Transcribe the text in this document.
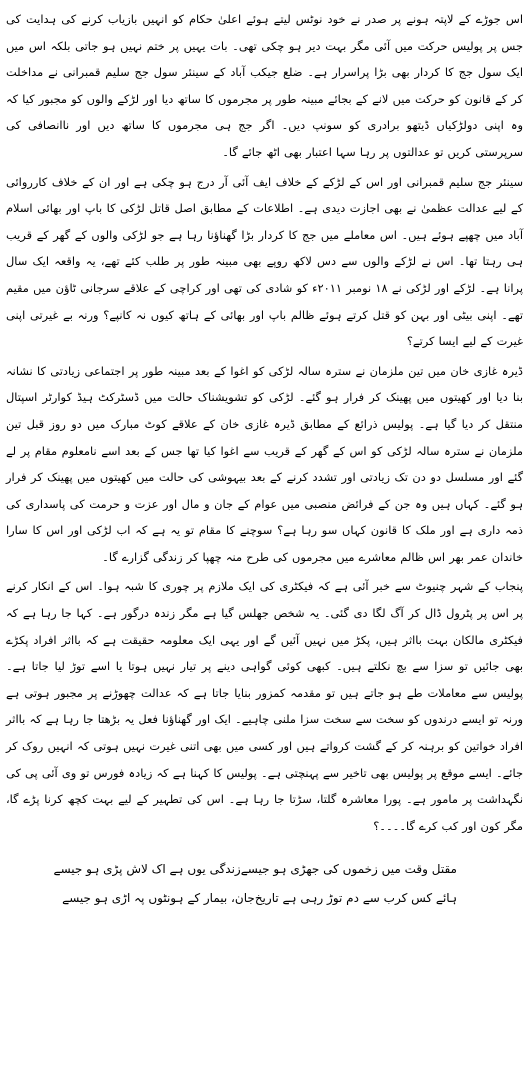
اس جوڑے کے لاپتہ ہونے پر صدر نے خود نوٹس لیتے ہوئے اعلیٰ حکام کو انہیں بازیاب کرنے کی ہدایت کی جس پر پولیس حرکت میں آئی مگر بہت دیر ہو چکی تھی۔ بات یہیں پر ختم نہیں ہو جاتی بلکہ اس میں ایک سول جج کا کردار بھی بڑا پراسرار ہے۔ ضلع جیکب آباد کے سینئر سول جج سلیم قمبرانی نے مداخلت کر کے قانون کو حرکت میں لانے کے بجائے مبینہ طور پر مجرموں کا ساتھ دیا اور لڑکے والوں کو مجبور کیا کہ وہ اپنی دولڑکیاں ڈیتھو برادری کو سونپ دیں۔ اگر جج ہی مجرموں کا ساتھ دیں اور ناانصافی کی سرپرستی کریں تو عدالتوں پر رہا سہا اعتبار بھی اٹھ جائے گا۔

سینئر جج سلیم قمبرانی اور اس کے لڑکے کے خلاف ایف آئی آر درج ہو چکی ہے اور ان کے خلاف کارروائی کے لیے عدالت عظمیٰ نے بھی اجازت دیدی ہے۔ اطلاعات کے مطابق اصل قاتل لڑکی کا باپ اور بھائی اسلام آباد میں چھپے ہوئے ہیں۔ اس معاملے میں جج کا کردار بڑا گھناؤنا رہا ہے جو لڑکی والوں کے گھر کے قریب ہی رہتا تھا۔ اس نے لڑکے والوں سے دس لاکھ روپے بھی مبینہ طور پر طلب کئے تھے، یہ واقعہ ایک سال پرانا ہے۔ لڑکے اور لڑکی نے ۱۸ نومبر ۲۰۱۱ء کو شادی کی تھی اور کراچی کے علاقے سرجانی ٹاؤن میں مقیم تھے۔ اپنی بیٹی اور بہن کو قتل کرتے ہوئے ظالم باپ اور بھائی کے ہاتھ کیوں نہ کانپے؟ ورنہ بے غیرتی اپنی غیرت کے لیے ایسا کرتے؟

ڈیرہ غازی خان میں تین ملزمان نے سترہ سالہ لڑکی کو اغوا کے بعد مبینہ طور پر اجتماعی زیادتی کا نشانہ بنا دیا اور کھیتوں میں پھینک کر فرار ہو گئے۔ لڑکی کو تشویشناک حالت میں ڈسٹرکٹ ہیڈ کوارٹر اسپتال منتقل کر دیا گیا ہے۔ پولیس ذرائع کے مطابق ڈیرہ غازی خان کے علاقے کوٹ مبارک میں دو روز قبل تین ملزمان نے سترہ سالہ لڑکی کو اس کے گھر کے قریب سے اغوا کیا تھا جس کے بعد اسے نامعلوم مقام پر لے گئے اور مسلسل دو دن تک زیادتی اور تشدد کرنے کے بعد بیہوشی کی حالت میں کھیتوں میں پھینک کر فرار ہو گئے۔ کہاں ہیں وہ جن کے فرائض منصبی میں عوام کے جان و مال اور عزت و حرمت کی پاسداری کی ذمہ داری ہے اور ملک کا قانون کہاں سو رہا ہے؟ سوچنے کا مقام تو یہ ہے کہ اب لڑکی اور اس کا سارا خاندان عمر بھر اس ظالم معاشرے میں مجرموں کی طرح منہ چھپا کر زندگی گزارے گا۔

پنجاب کے شہر چنیوٹ سے خبر آئی ہے کہ فیکٹری کی ایک ملازم پر چوری کا شبہ ہوا۔ اس کے انکار کرنے پر اس پر پٹرول ڈال کر آگ لگا دی گئی۔ یہ شخص جھلس گیا ہے مگر زندہ درگور ہے۔ کہا جا رہا ہے کہ فیکٹری مالکان بہت بااثر ہیں، پکڑ میں نہیں آئیں گے اور یہی ایک معلومہ حقیقت ہے کہ بااثر افراد پکڑے بھی جائیں تو سزا سے بچ نکلتے ہیں۔ کبھی کوئی گواہی دینے پر تیار نہیں ہوتا یا اسے توڑ لیا جاتا ہے۔ پولیس سے معاملات طے ہو جاتے ہیں تو مقدمہ کمزور بنایا جاتا ہے کہ عدالت چھوڑنے پر مجبور ہوتی ہے ورنہ تو ایسے درندوں کو سخت سے سخت سزا ملنی چاہیے۔ ایک اور گھناؤنا فعل یہ بڑھتا جا رہا ہے کہ بااثر افراد خواتین کو برہنہ کر کے گشت کرواتے ہیں اور کسی میں بھی اتنی غیرت نہیں ہوتی کہ انہیں روک کر جائے۔ ایسے موقع پر پولیس بھی تاخیر سے پہنچتی ہے۔ پولیس کا کہنا ہے کہ زیادہ فورس تو وی آئی پی کی نگہداشت پر مامور ہے۔ پورا معاشرہ گلتا، سڑتا جا رہا ہے۔ اس کی تطہیر کے لیے بہت کچھ کرنا پڑے گا، مگر کون اور کب کرے گا۔۔۔۔؟

مقتل وقت میں زخموں کی جھڑی ہو جیسے
زندگی یوں ہے اک لاش پڑی ہو جیسے
ہائے کس کرب سے دم توڑ رہی ہے تاریخ
جان، بیمار کے ہونٹوں پہ اڑی ہو جیسے
